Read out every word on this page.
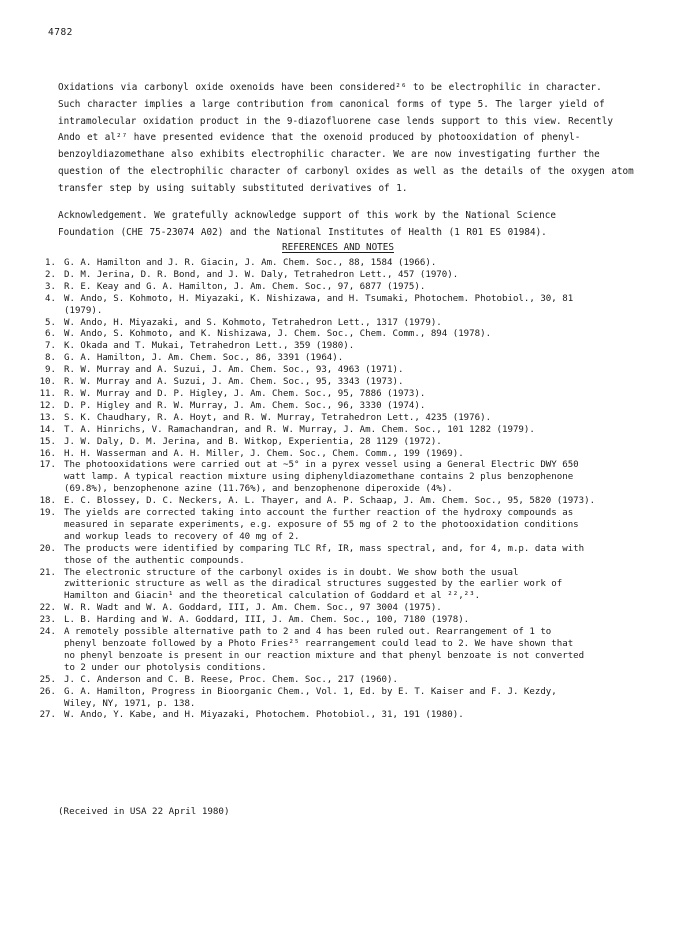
4782
Oxidations via carbonyl oxide oxenoids have been considered²⁶ to be electrophilic in character.
Such character implies a large contribution from canonical forms of type 5. The larger yield of
intramolecular oxidation product in the 9-diazofluorene case lends support to this view. Recently
Ando et al²⁷ have presented evidence that the oxenoid produced by photooxidation of phenyl-
benzoyldiazomethane also exhibits electrophilic character. We are now investigating further the
question of the electrophilic character of carbonyl oxides as well as the details of the oxygen atom
transfer step by using suitably substituted derivatives of 1.
Acknowledgement. We gratefully acknowledge support of this work by the National Science
Foundation (CHE 75-23074 A02) and the National Institutes of Health (1 R01 ES 01984).
REFERENCES AND NOTES
1. G. A. Hamilton and J. R. Giacin, J. Am. Chem. Soc., 88, 1584 (1966).
2. D. M. Jerina, D. R. Bond, and J. W. Daly, Tetrahedron Lett., 457 (1970).
3. R. E. Keay and G. A. Hamilton, J. Am. Chem. Soc., 97, 6877 (1975).
4. W. Ando, S. Kohmoto, H. Miyazaki, K. Nishizawa, and H. Tsumaki, Photochem. Photobiol., 30, 81
(1979).
5. W. Ando, H. Miyazaki, and S. Kohmoto, Tetrahedron Lett., 1317 (1979).
6. W. Ando, S. Kohmoto, and K. Nishizawa, J. Chem. Soc., Chem. Comm., 894 (1978).
7. K. Okada and T. Mukai, Tetrahedron Lett., 359 (1980).
8. G. A. Hamilton, J. Am. Chem. Soc., 86, 3391 (1964).
9. R. W. Murray and A. Suzui, J. Am. Chem. Soc., 93, 4963 (1971).
10. R. W. Murray and A. Suzui, J. Am. Chem. Soc., 95, 3343 (1973).
11. R. W. Murray and D. P. Higley, J. Am. Chem. Soc., 95, 7886 (1973).
12. D. P. Higley and R. W. Murray, J. Am. Chem. Soc., 96, 3330 (1974).
13. S. K. Chaudhary, R. A. Hoyt, and R. W. Murray, Tetrahedron Lett., 4235 (1976).
14. T. A. Hinrichs, V. Ramachandran, and R. W. Murray, J. Am. Chem. Soc., 101 1282 (1979).
15. J. W. Daly, D. M. Jerina, and B. Witkop, Experientia, 28 1129 (1972).
16. H. H. Wasserman and A. H. Miller, J. Chem. Soc., Chem. Comm., 199 (1969).
17. The photooxidations were carried out at ~5° in a pyrex vessel using a General Electric DWY 650
watt lamp. A typical reaction mixture using diphenyldiazomethane contains 2 plus benzophenone
(69.8%), benzophenone azine (11.76%), and benzophenone diperoxide (4%).
18. E. C. Blossey, D. C. Neckers, A. L. Thayer, and A. P. Schaap, J. Am. Chem. Soc., 95, 5820 (1973).
19. The yields are corrected taking into account the further reaction of the hydroxy compounds as
measured in separate experiments, e.g. exposure of 55 mg of 2 to the photooxidation conditions
and workup leads to recovery of 40 mg of 2.
20. The products were identified by comparing TLC Rf, IR, mass spectral, and, for 4, m.p. data with
those of the authentic compounds.
21. The electronic structure of the carbonyl oxides is in doubt. We show both the usual
zwitterionic structure as well as the diradical structures suggested by the earlier work of
Hamilton and Giacin¹ and the theoretical calculation of Goddard et al ²²,²³.
22. W. R. Wadt and W. A. Goddard, III, J. Am. Chem. Soc., 97 3004 (1975).
23. L. B. Harding and W. A. Goddard, III, J. Am. Chem. Soc., 100, 7180 (1978).
24. A remotely possible alternative path to 2 and 4 has been ruled out. Rearrangement of 1 to
phenyl benzoate followed by a Photo Fries²⁵ rearrangement could lead to 2. We have shown that
no phenyl benzoate is present in our reaction mixture and that phenyl benzoate is not converted
to 2 under our photolysis conditions.
25. J. C. Anderson and C. B. Reese, Proc. Chem. Soc., 217 (1960).
26. G. A. Hamilton, Progress in Bioorganic Chem., Vol. 1, Ed. by E. T. Kaiser and F. J. Kezdy,
Wiley, NY, 1971, p. 138.
27. W. Ando, Y. Kabe, and H. Miyazaki, Photochem. Photobiol., 31, 191 (1980).
(Received in USA 22 April 1980)
